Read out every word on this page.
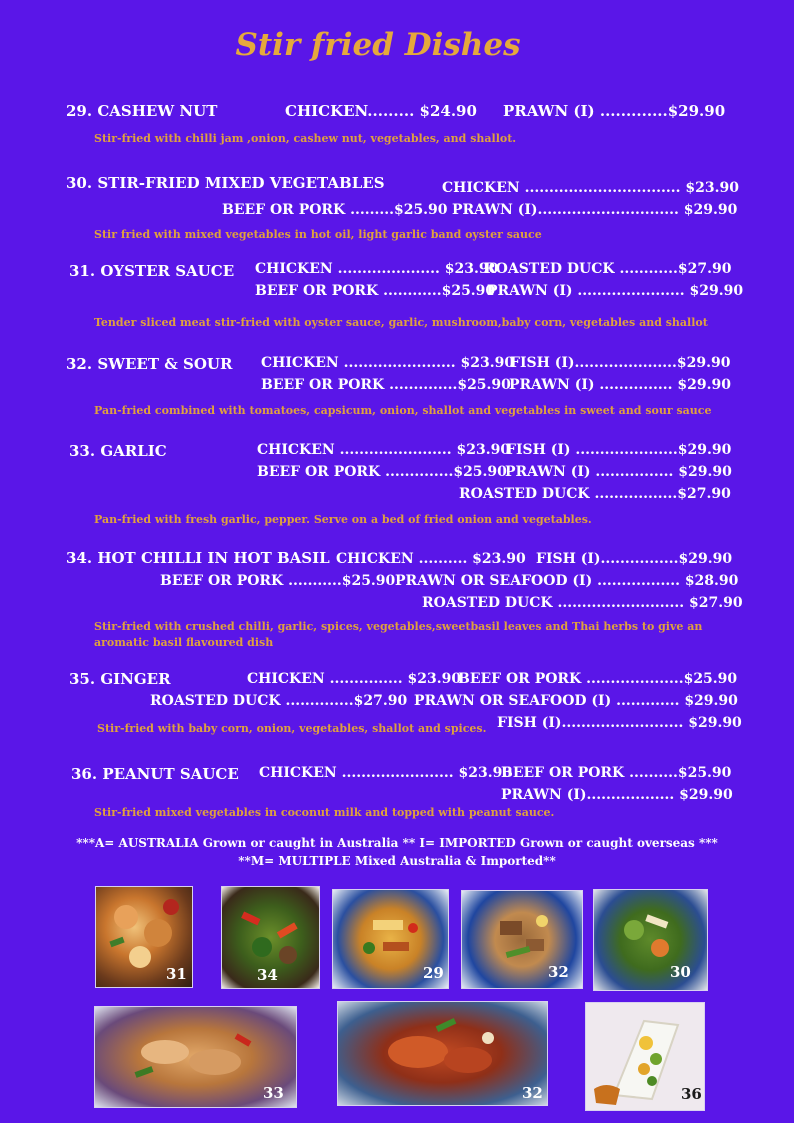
Stir fried Dishes
29. CASHEW NUT	CHICKEN......... $24.90 PRAWN (I) .............$29.90
Stir-fried with chilli jam ,onion, cashew nut, vegetables, and shallot.
30. STIR-FRIED MIXED VEGETABLES	CHICKEN ................................ $23.90
BEEF OR PORK .........$25.90 PRAWN (I)............................. $29.90
Stir fried with mixed vegetables in hot oil, light garlic band oyster sauce
31. OYSTER SAUCE CHICKEN ..................... $23.90
ROASTED DUCK ............$27.90
BEEF OR PORK ............$25.90
PRAWN (I) ...................... $29.90
Tender sliced meat stir-fried with oyster sauce, garlic, mushroom,baby corn, vegetables and shallot
32. SWEET & SOUR CHICKEN ....................... $23.90
FISH (I).....................$29.90
BEEF OR PORK ..............$25.90
PRAWN (I) ............... $29.90
Pan-fried combined with tomatoes, capsicum, onion, shallot and vegetables in sweet and sour sauce
33. GARLIC	CHICKEN ....................... $23.90
FISH (I) .....................$29.90
BEEF OR PORK ..............$25.90
PRAWN (I) ................ $29.90
ROASTED DUCK .................$27.90
Pan-fried with fresh garlic, pepper. Serve on a bed of fried onion and vegetables.
34. HOT CHILLI IN HOT BASIL CHICKEN .......... $23.90 FISH (I)................$29.90
BEEF OR PORK ...........$25.90 PRAWN OR SEAFOOD (I) ................. $28.90
ROASTED DUCK .......................... $27.90
Stir-fried with crushed chilli, garlic, spices, vegetables,sweetbasil leaves and Thai herbs to give an
aromatic basil flavoured dish
35. GINGER	CHICKEN ............... $23.90
BEEF OR PORK ....................$25.90
ROASTED DUCK ..............$27.90 PRAWN OR SEAFOOD (I) ............. $29.90
Stir-fried with baby corn, onion, vegetables, shallot and spices. FISH (I)......................... $29.90
36. PEANUT SAUCE CHICKEN ....................... $23.90
BEEF OR PORK ..........$25.90
PRAWN (I).................. $29.90
Stir-fried mixed vegetables in coconut milk and topped with peanut sauce.
***A= AUSTRALIA Grown or caught in Australia ** I= IMPORTED Grown or caught overseas ***
**M= MULTIPLE Mixed Australia & Imported**
31	34	29	32	30
33	32	36
